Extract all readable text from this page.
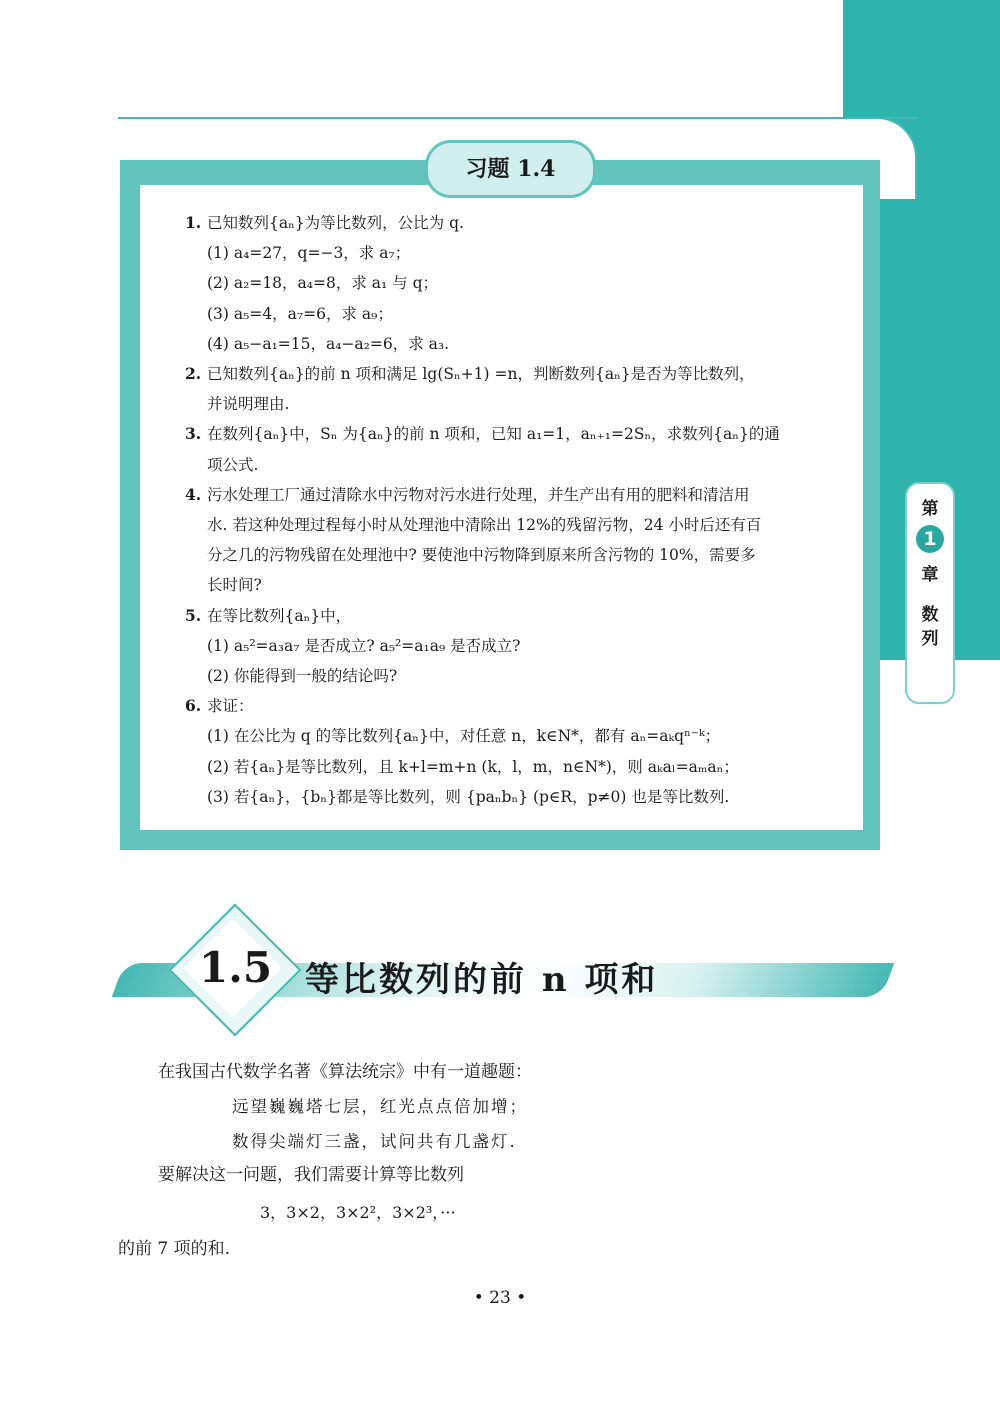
习题 1.4
1. 已知数列{aₙ}为等比数列，公比为 q.
(1) a₄=27，q=−3，求 a₇；
(2) a₂=18，a₄=8，求 a₁ 与 q；
(3) a₅=4，a₇=6，求 a₉；
(4) a₅−a₁=15，a₄−a₂=6，求 a₃.
2. 已知数列{aₙ}的前 n 项和满足 lg(Sₙ+1) =n，判断数列{aₙ}是否为等比数列，
并说明理由.
3. 在数列{aₙ}中，Sₙ 为{aₙ}的前 n 项和，已知 a₁=1，aₙ₊₁=2Sₙ，求数列{aₙ}的通
项公式.
4. 污水处理工厂通过清除水中污物对污水进行处理，并生产出有用的肥料和清洁用
水. 若这种处理过程每小时从处理池中清除出 12%的残留污物，24 小时后还有百
分之几的污物残留在处理池中? 要使池中污物降到原来所含污物的 10%，需要多
长时间?
5. 在等比数列{aₙ}中，
(1) a₅²=a₃a₇ 是否成立? a₅²=a₁a₉ 是否成立?
(2) 你能得到一般的结论吗?
6. 求证：
(1) 在公比为 q 的等比数列{aₙ}中，对任意 n，k∈N*，都有 aₙ=aₖqⁿ⁻ᵏ；
(2) 若{aₙ}是等比数列，且 k+l=m+n (k，l，m，n∈N*)，则 aₖaₗ=aₘaₙ；
(3) 若{aₙ}，{bₙ}都是等比数列，则 {paₙbₙ} (p∈R，p≠0) 也是等比数列.
第
1
章
数
列
1.5 等比数列的前 n 项和
在我国古代数学名著《算法统宗》中有一道趣题：
远望巍巍塔七层，红光点点倍加增；
数得尖端灯三盏，试问共有几盏灯.
要解决这一问题，我们需要计算等比数列
3，3×2，3×2²，3×2³，···
的前 7 项的和.
• 23 •
